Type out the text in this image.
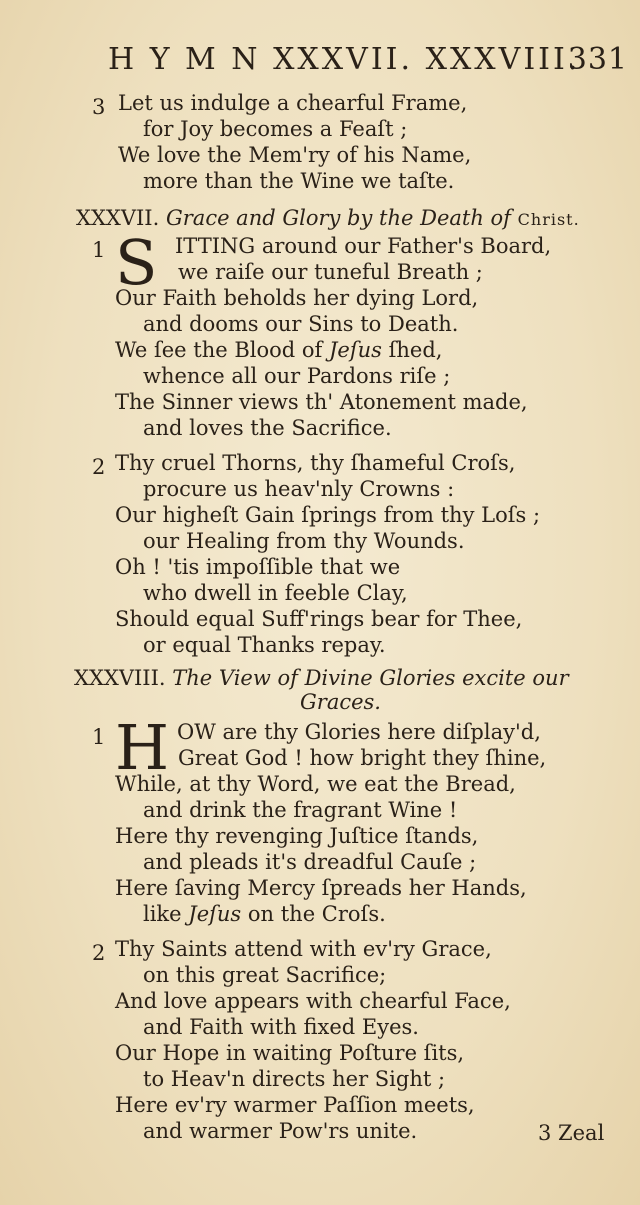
H Y M N XXXVII. XXXVIII.
331
3 Let us indulge a chearful Frame,
for Joy becomes a Feaſt ;
We love the Mem'ry of his Name,
more than the Wine we taſte.
XXXVII. Grace and Glory by the Death of Christ.
1 S ITTING around our Father's Board,
we raiſe our tuneful Breath ;
Our Faith beholds her dying Lord,
and dooms our Sins to Death.
We ſee the Blood of Jeſus ſhed,
whence all our Pardons riſe ;
The Sinner views th' Atonement made,
and loves the Sacrifice.
2 Thy cruel Thorns, thy ſhameful Croſs,
procure us heav'nly Crowns :
Our higheſt Gain ſprings from thy Loſs ;
our Healing from thy Wounds.
Oh ! 'tis impoſſible that we
who dwell in feeble Clay,
Should equal Suff'rings bear for Thee,
or equal Thanks repay.
XXXVIII. The View of Divine Glories excite our
Graces.
1 H OW are thy Glories here diſplay'd,
Great God ! how bright they ſhine,
While, at thy Word, we eat the Bread,
and drink the fragrant Wine !
Here thy revenging Juſtice ſtands,
and pleads it's dreadful Cauſe ;
Here ſaving Mercy ſpreads her Hands,
like Jeſus on the Croſs.
2 Thy Saints attend with ev'ry Grace,
on this great Sacrifice;
And love appears with chearful Face,
and Faith with fixed Eyes.
Our Hope in waiting Poſture ſits,
to Heav'n directs her Sight ;
Here ev'ry warmer Paſſion meets,
and warmer Pow'rs unite.	3 Zeal
